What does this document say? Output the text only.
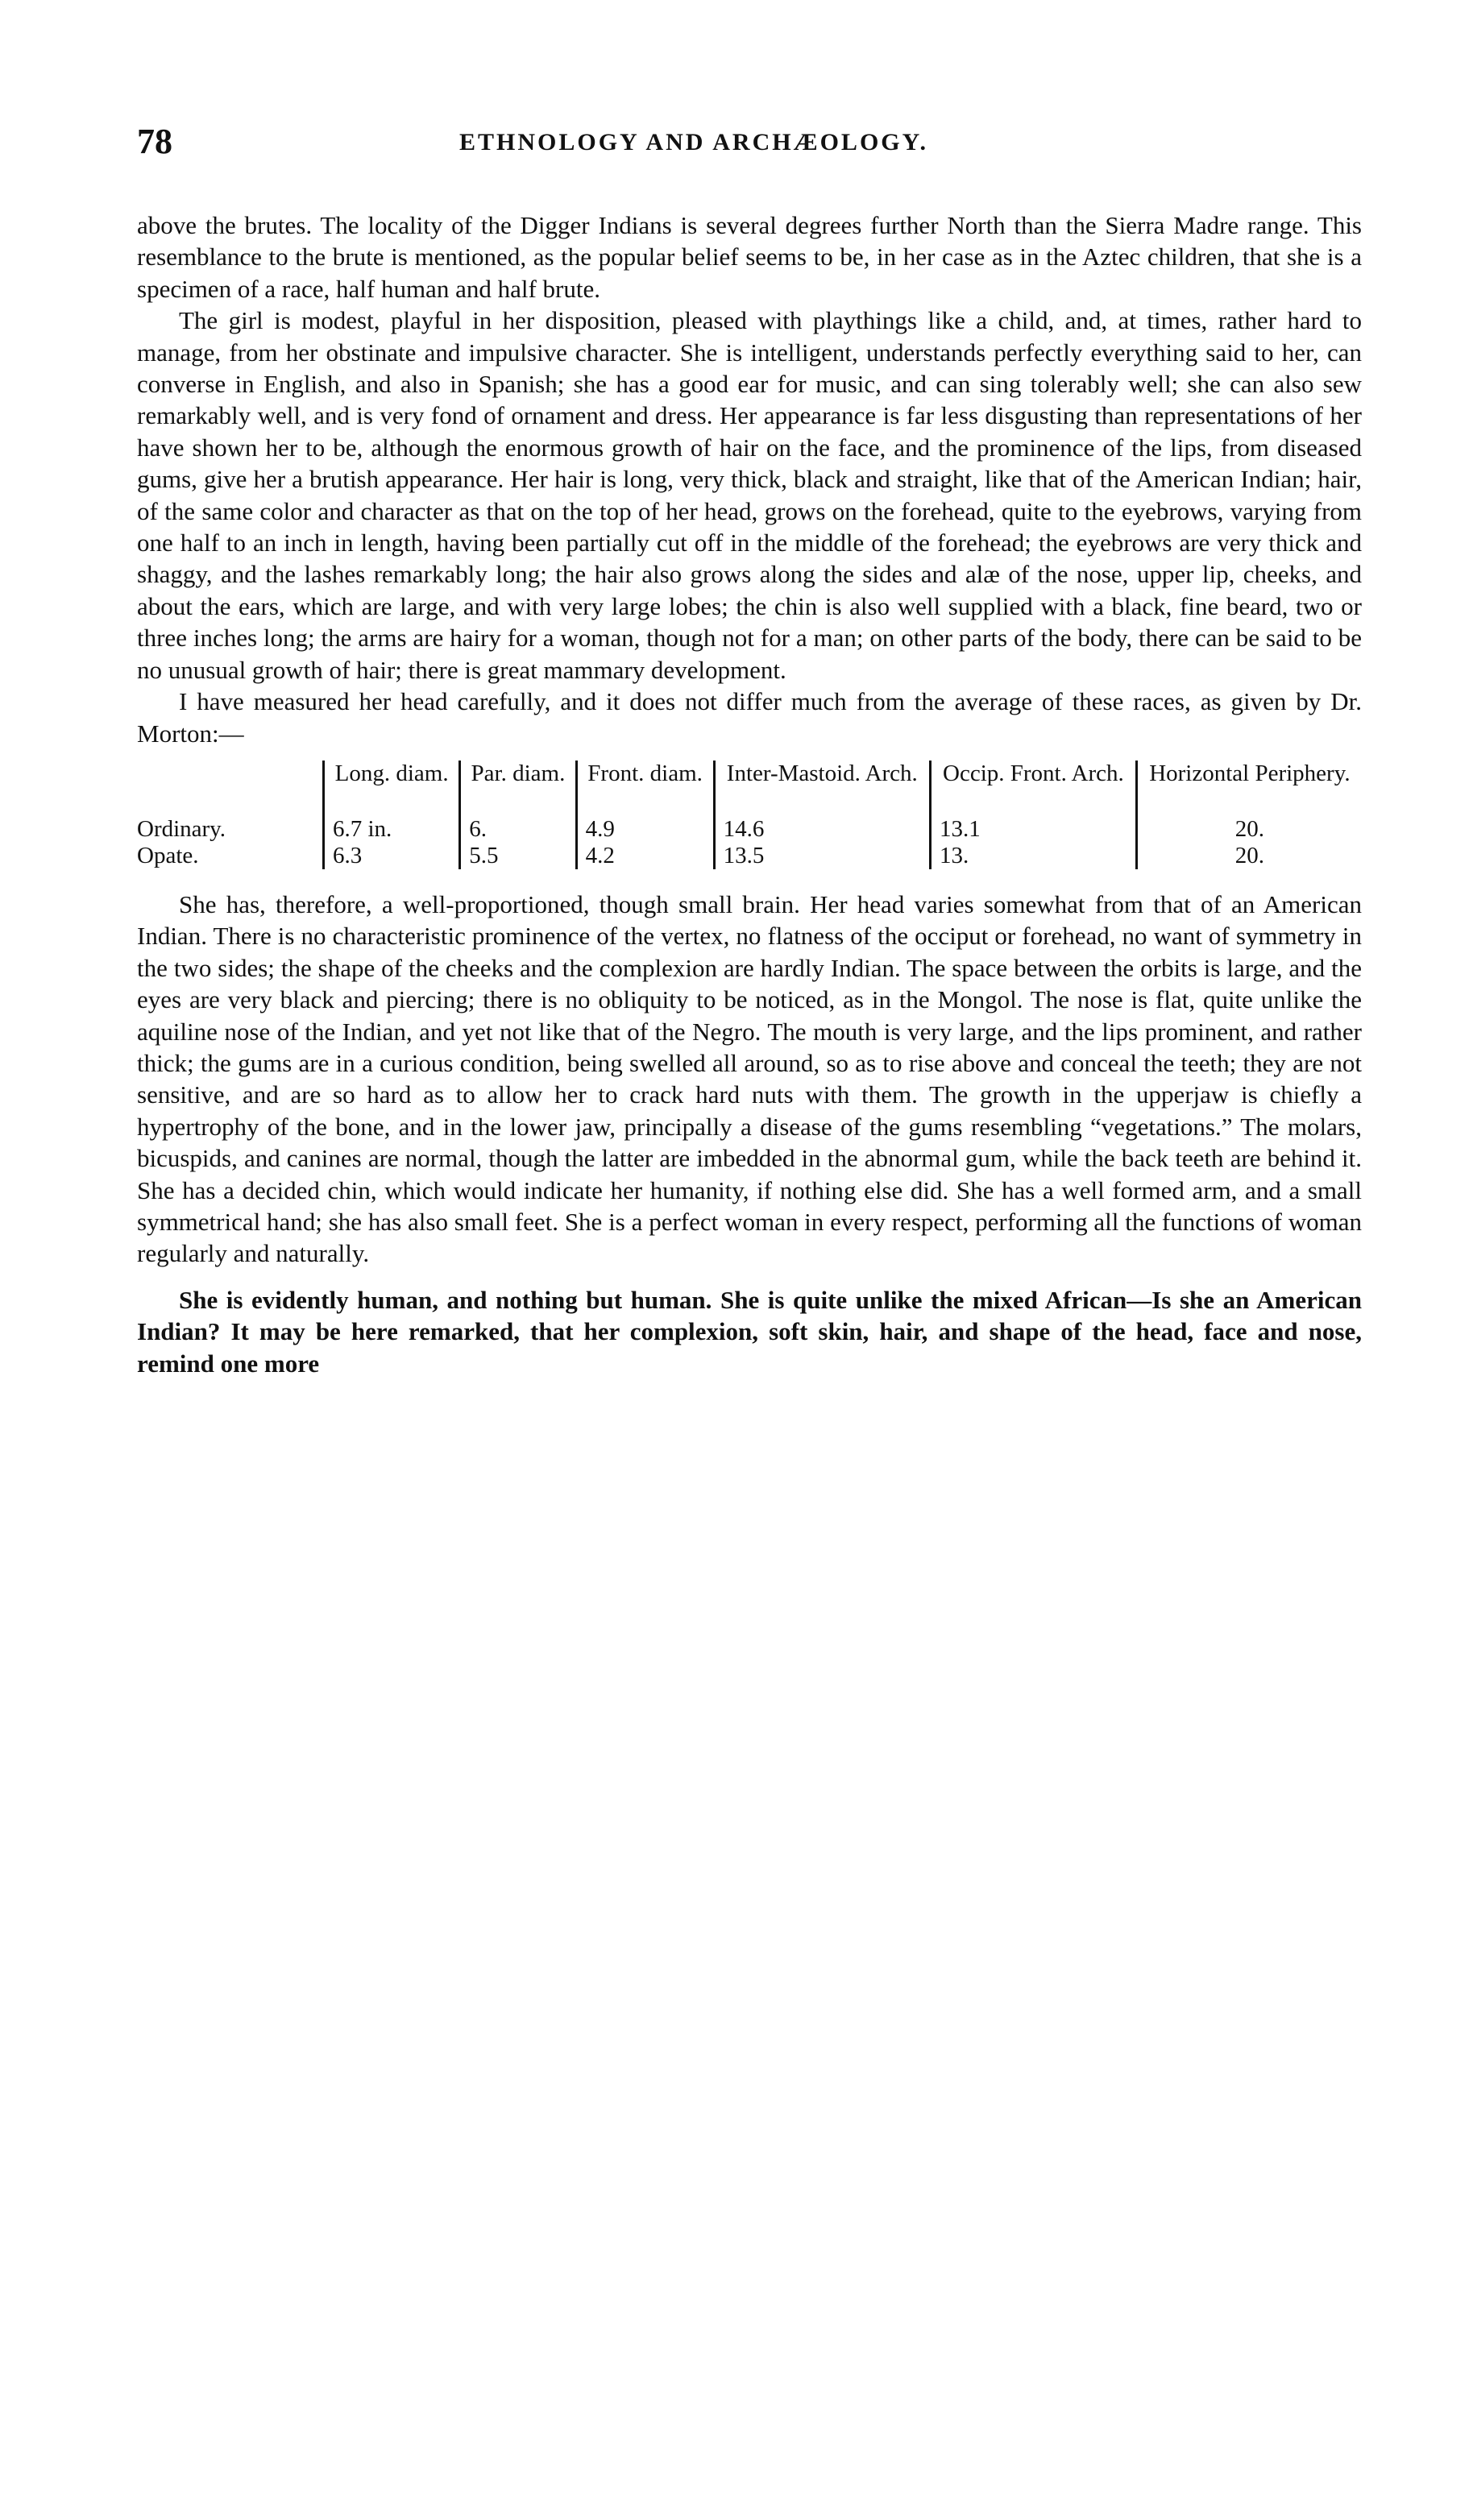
78	ETHNOLOGY AND ARCHÆOLOGY.

above the brutes. The locality of the Digger Indians is several degrees further North than the Sierra Madre range. This resemblance to the brute is mentioned, as the popular belief seems to be, in her case as in the Aztec children, that she is a specimen of a race, half human and half brute.

The girl is modest, playful in her disposition, pleased with playthings like a child, and, at times, rather hard to manage, from her obstinate and impulsive character. She is intelligent, understands perfectly everything said to her, can converse in English, and also in Spanish; she has a good ear for music, and can sing tolerably well; she can also sew remarkably well, and is very fond of ornament and dress. Her appearance is far less disgusting than representations of her have shown her to be, although the enormous growth of hair on the face, and the prominence of the lips, from diseased gums, give her a brutish appearance. Her hair is long, very thick, black and straight, like that of the American Indian; hair, of the same color and character as that on the top of her head, grows on the forehead, quite to the eyebrows, varying from one half to an inch in length, having been partially cut off in the middle of the forehead; the eyebrows are very thick and shaggy, and the lashes remarkably long; the hair also grows along the sides and alæ of the nose, upper lip, cheeks, and about the ears, which are large, and with very large lobes; the chin is also well supplied with a black, fine beard, two or three inches long; the arms are hairy for a woman, though not for a man; on other parts of the body, there can be said to be no unusual growth of hair; there is great mammary development.

I have measured her head carefully, and it does not differ much from the average of these races, as given by Dr. Morton:—

	Long. diam.	Par. diam.	Front. diam.	Inter-Mastoid. Arch.	Occip. Front. Arch.	Horizontal Periphery.
Ordinary.	6.7 in.	6.	4.9	14.6	13.1	20.
Opate.	6.3	5.5	4.2	13.5	13.	20.

She has, therefore, a well-proportioned, though small brain. Her head varies somewhat from that of an American Indian. There is no characteristic prominence of the vertex, no flatness of the occiput or forehead, no want of symmetry in the two sides; the shape of the cheeks and the complexion are hardly Indian. The space between the orbits is large, and the eyes are very black and piercing; there is no obliquity to be noticed, as in the Mongol. The nose is flat, quite unlike the aquiline nose of the Indian, and yet not like that of the Negro. The mouth is very large, and the lips prominent, and rather thick; the gums are in a curious condition, being swelled all around, so as to rise above and conceal the teeth; they are not sensitive, and are so hard as to allow her to crack hard nuts with them. The growth in the upperjaw is chiefly a hypertrophy of the bone, and in the lower jaw, principally a disease of the gums resembling “vegetations.” The molars, bicuspids, and canines are normal, though the latter are imbedded in the abnormal gum, while the back teeth are behind it. She has a decided chin, which would indicate her humanity, if nothing else did. She has a well formed arm, and a small symmetrical hand; she has also small feet. She is a perfect woman in every respect, performing all the functions of woman regularly and naturally.

She is evidently human, and nothing but human. She is quite unlike the mixed African—Is she an American Indian? It may be here remarked, that her complexion, soft skin, hair, and shape of the head, face and nose, remind one more
